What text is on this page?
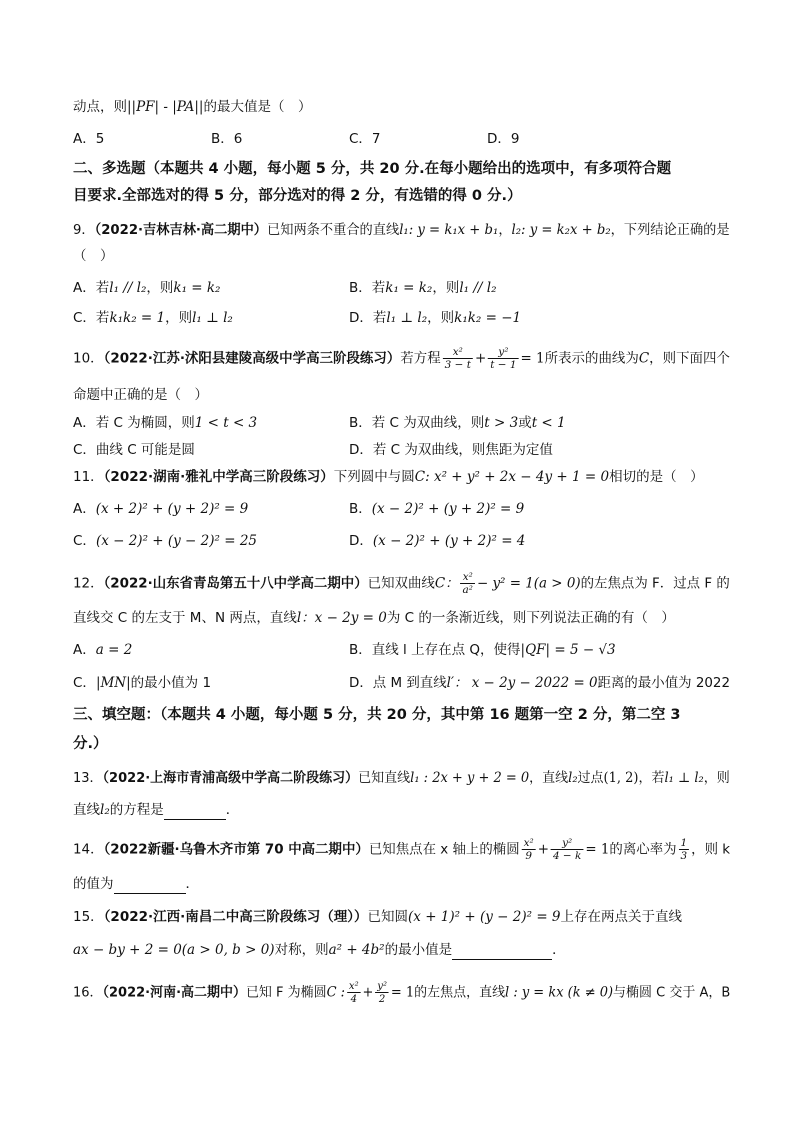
动点，则||PF| - |PA||的最大值是（　）
A．5	B．6	C．7	D．9
二、多选题（本题共 4 小题，每小题 5 分，共 20 分.在每小题给出的选项中，有多项符合题
目要求.全部选对的得 5 分，部分选对的得 2 分，有选错的得 0 分.）
9．（2022·吉林吉林·高二期中）已知两条不重合的直线l₁: y = k₁x + b₁，l₂: y = k₂x + b₂，下列结论正确的是
（　）
A．若l₁ // l₂，则k₁ = k₂	B．若k₁ = k₂，则l₁ // l₂
C．若k₁k₂ = 1，则l₁ ⊥ l₂	D．若l₁ ⊥ l₂，则k₁k₂ = −1
10．（2022·江苏·沭阳县建陵高级中学高三阶段练习）若方程 $\frac{\text{x²}}{3 - t} + \frac{\text{y²}}{t - 1} = 1$所表示的曲线为C，则下面四个
命题中正确的是（　）
A．若 C 为椭圆，则1 < t < 3	B．若 C 为双曲线，则t > 3或t < 1
C．曲线 C 可能是圆	D．若 C 为双曲线，则焦距为定值
11．（2022·湖南·雅礼中学高三阶段练习）下列圆中与圆C: x² + y² + 2x − 4y + 1 = 0相切的是（　）
A．(x + 2)² + (y + 2)² = 9	B．(x − 2)² + (y + 2)² = 9
C．(x − 2)² + (y − 2)² = 25	D．(x − 2)² + (y + 2)² = 4
12．（2022·山东省青岛第五十八中学高二期中）已知双曲线C： $\frac{\text{x²}}{\text{a²}} - y^2 = 1(a > 0)$的左焦点为 F．过点 F 的
直线交 C 的左支于 M、N 两点，直线l：x − 2y = 0为 C 的一条渐近线，则下列说法正确的有（　）
A．a = 2	B．直线 l 上存在点 Q，使得|QF| = 5 − √3
C．|MN|的最小值为 1	D．点 M 到直线l′： x − 2y − 2022 = 0距离的最小值为 2022
三、填空题：（本题共 4 小题，每小题 5 分，共 20 分，其中第 16 题第一空 2 分，第二空 3
分.）
13．（2022·上海市青浦高级中学高二阶段练习）已知直线l₁ : 2x + y + 2 = 0，直线l₂过点(1, 2)，若l₁ ⊥ l₂，则
直线l₂的方程是	．
14．（2022新疆·乌鲁木齐市第 70 中高二期中）已知焦点在 x 轴上的椭圆 $\frac{\text{x²}}{9} + \frac{\text{y²}}{4 - k} = 1$的离心率为 $\frac{1}{3}$ ，则 k
的值为	．
15．（2022·江西·南昌二中高三阶段练习（理））已知圆(x + 1)² + (y − 2)² = 9上存在两点关于直线
ax − by + 2 = 0(a > 0, b > 0)对称，则a² + 4b²的最小值是	．
16．（2022·河南·高二期中）已知 F 为椭圆C : $\frac{\text{x²}}{4} + \frac{\text{y²}}{2} = 1$的左焦点，直线l : y = kx (k ≠ 0)与椭圆 C 交于 A，B
